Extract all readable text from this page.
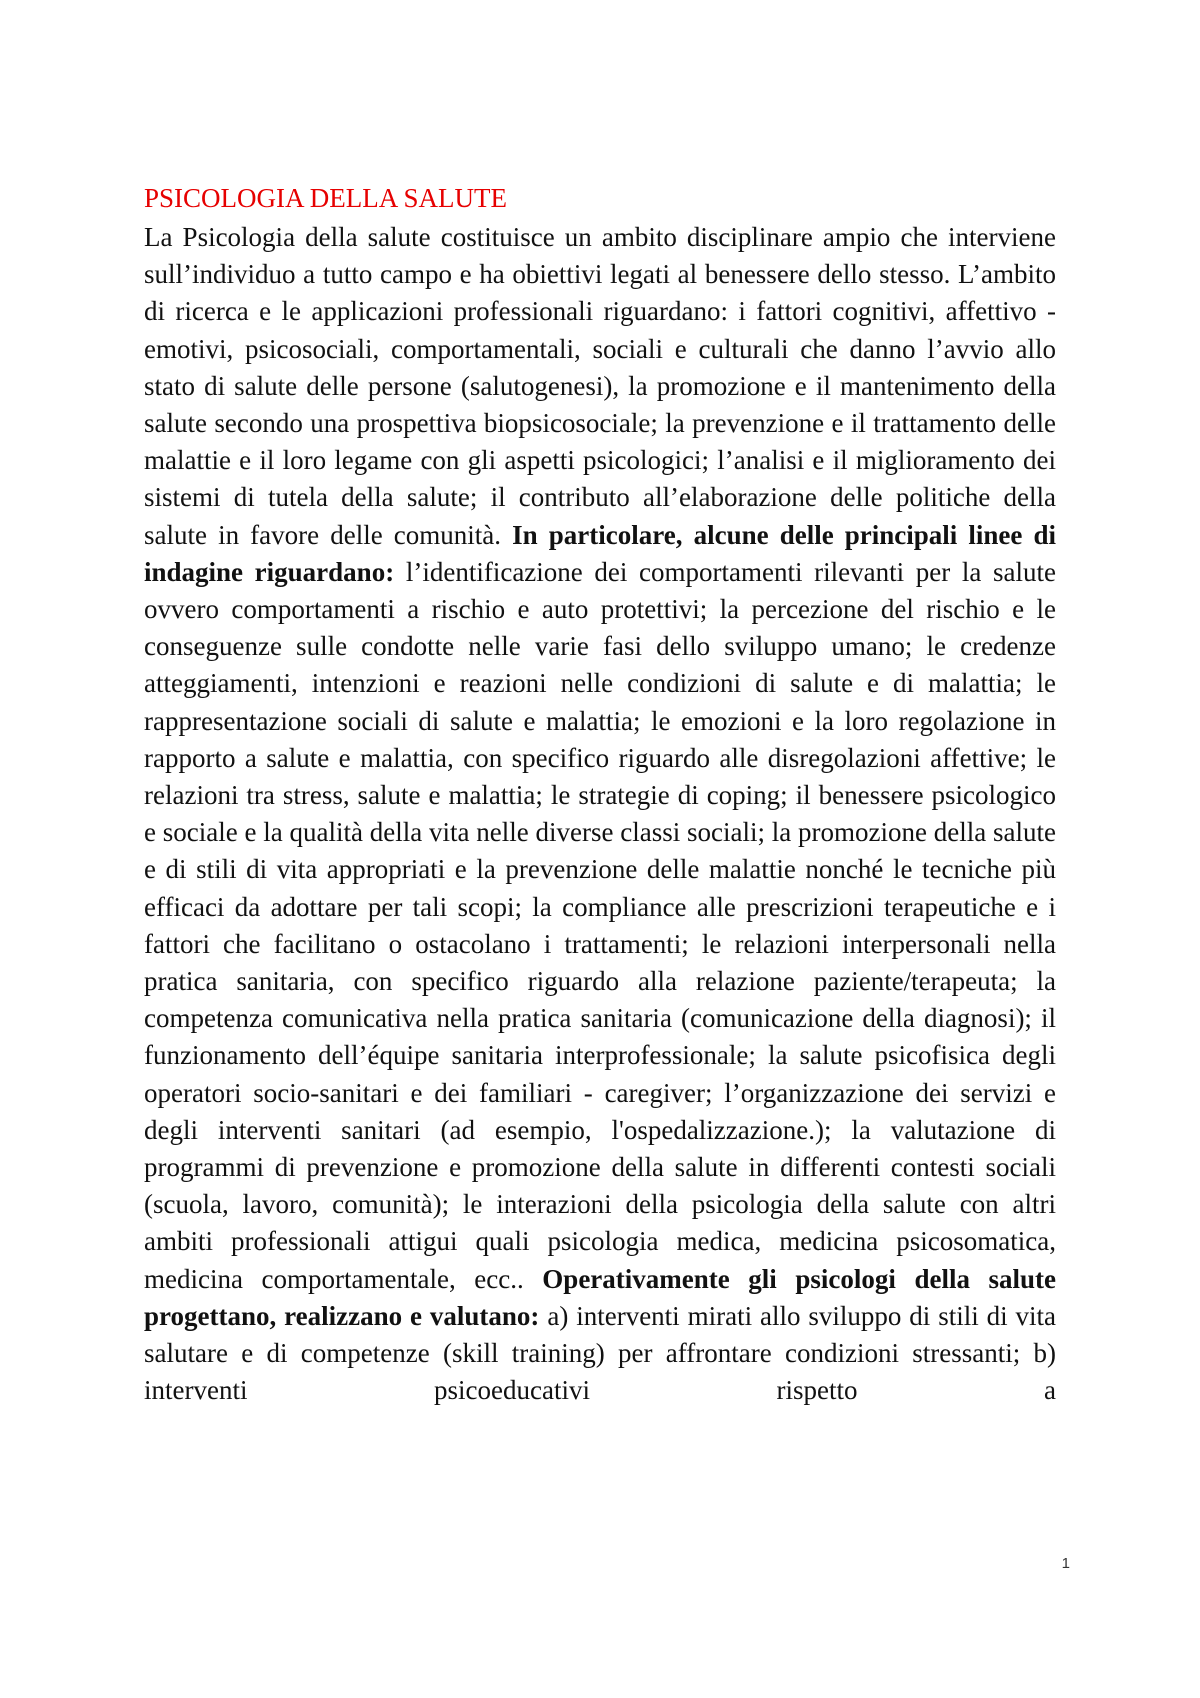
PSICOLOGIA DELLA SALUTE

La Psicologia della salute costituisce un ambito disciplinare ampio che interviene sull’individuo a tutto campo e ha obiettivi legati al benessere dello stesso. L’ambito di ricerca e le applicazioni professionali riguardano: i fattori cognitivi, affettivo - emotivi, psicosociali, comportamentali, sociali e culturali che danno l’avvio allo stato di salute delle persone (salutogenesi), la promozione e il mantenimento della salute secondo una prospettiva biopsicosociale; la prevenzione e il trattamento delle malattie e il loro legame con gli aspetti psicologici; l’analisi e il miglioramento dei sistemi di tutela della salute; il contributo all’elaborazione delle politiche della salute in favore delle comunità. In particolare, alcune delle principali linee di indagine riguardano: l’identificazione dei comportamenti rilevanti per la salute ovvero comportamenti a rischio e auto protettivi; la percezione del rischio e le conseguenze sulle condotte nelle varie fasi dello sviluppo umano; le credenze atteggiamenti, intenzioni e reazioni nelle condizioni di salute e di malattia; le rappresentazione sociali di salute e malattia; le emozioni e la loro regolazione in rapporto a salute e malattia, con specifico riguardo alle disregolazioni affettive; le relazioni tra stress, salute e malattia; le strategie di coping; il benessere psicologico e sociale e la qualità della vita nelle diverse classi sociali; la promozione della salute e di stili di vita appropriati e la prevenzione delle malattie nonché le tecniche più efficaci da adottare per tali scopi; la compliance alle prescrizioni terapeutiche e i fattori che facilitano o ostacolano i trattamenti; le relazioni interpersonali nella pratica sanitaria, con specifico riguardo alla relazione paziente/terapeuta; la competenza comunicativa nella pratica sanitaria (comunicazione della diagnosi); il funzionamento dell’équipe sanitaria interprofessionale; la salute psicofisica degli operatori socio-sanitari e dei familiari - caregiver; l’organizzazione dei servizi e degli interventi sanitari (ad esempio, l'ospedalizzazione.); la valutazione di programmi di prevenzione e promozione della salute in differenti contesti sociali (scuola, lavoro, comunità); le interazioni della psicologia della salute con altri ambiti professionali attigui quali psicologia medica, medicina psicosomatica, medicina comportamentale, ecc.. Operativamente gli psicologi della salute progettano, realizzano e valutano: a) interventi mirati allo sviluppo di stili di vita salutare e di competenze (skill training) per affrontare condizioni stressanti; b) interventi psicoeducativi rispetto a

1
